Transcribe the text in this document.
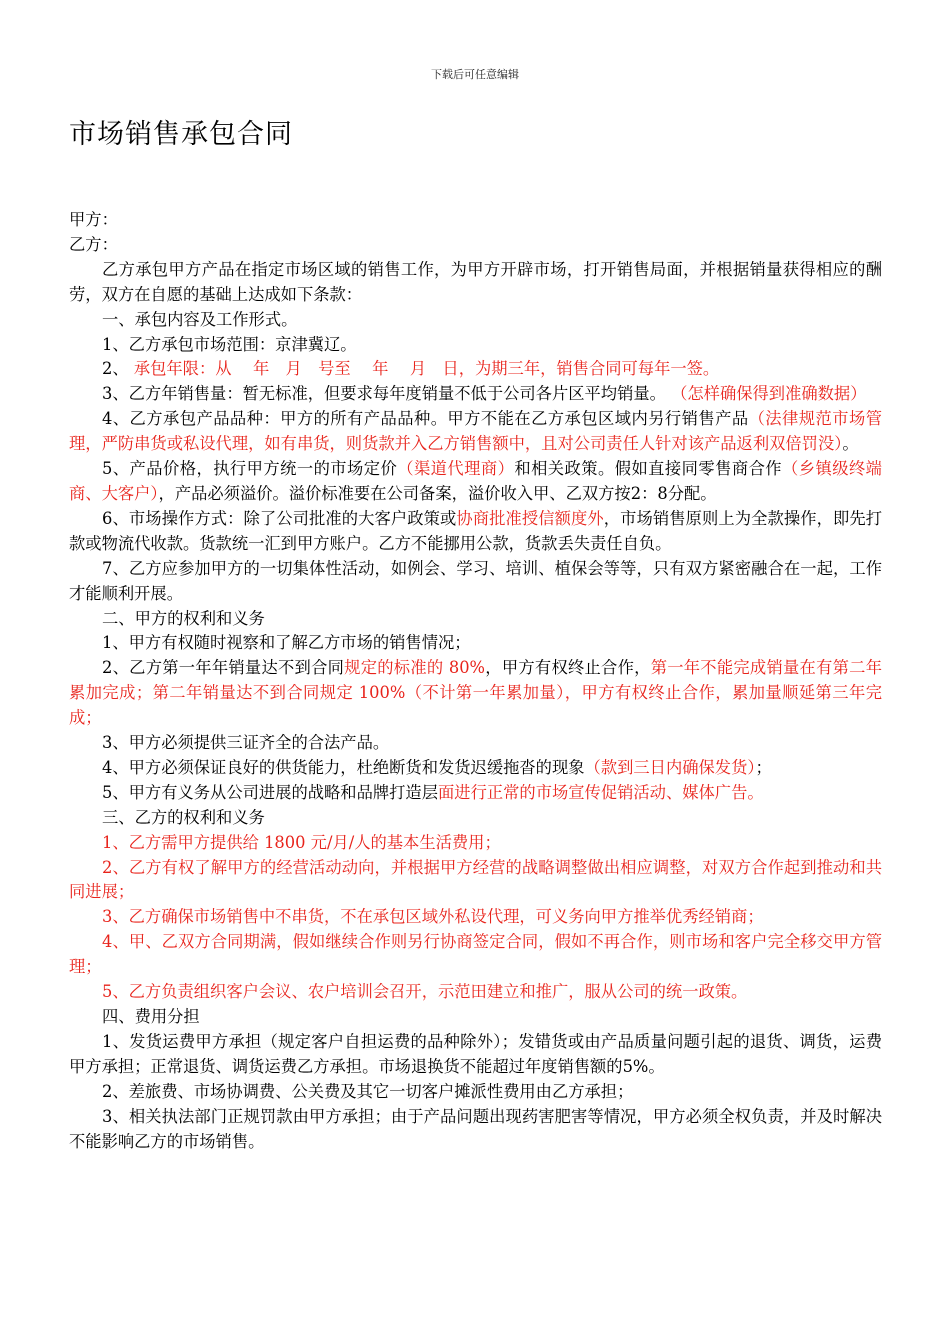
下载后可任意编辑
市场销售承包合同

甲方：

乙方：

乙方承包甲方产品在指定市场区域的销售工作，为甲方开辟市场，打开销售局面，并根据销量获得相应的酬劳，双方在自愿的基础上达成如下条款：

一、承包内容及工作形式。

1、乙方承包市场范围：京津冀辽。

2、 承包年限：从　 年　月　号至　 年　 月　日，为期三年，销售合同可每年一签。

3、乙方年销售量：暂无标准，但要求每年度销量不低于公司各片区平均销量。 （怎样确保得到准确数据）

4、乙方承包产品品种：甲方的所有产品品种。甲方不能在乙方承包区域内另行销售产品（法律规范市场管理，严防串货或私设代理，如有串货，则货款并入乙方销售额中，且对公司责任人针对该产品返利双倍罚没）。

5、产品价格，执行甲方统一的市场定价（渠道代理商）和相关政策。假如直接同零售商合作（乡镇级终端商、大客户），产品必须溢价。溢价标准要在公司备案，溢价收入甲、乙双方按2：8分配。

6、市场操作方式：除了公司批准的大客户政策或协商批准授信额度外，市场销售原则上为全款操作，即先打款或物流代收款。货款统一汇到甲方账户。乙方不能挪用公款，货款丢失责任自负。

7、乙方应参加甲方的一切集体性活动，如例会、学习、培训、植保会等等，只有双方紧密融合在一起，工作才能顺利开展。

二、甲方的权利和义务

1、甲方有权随时视察和了解乙方市场的销售情况；

2、乙方第一年年销量达不到合同规定的标准的 80%，甲方有权终止合作，第一年不能完成销量在有第二年累加完成；第二年销量达不到合同规定 100%（不计第一年累加量），甲方有权终止合作，累加量顺延第三年完成；

3、甲方必须提供三证齐全的合法产品。

4、甲方必须保证良好的供货能力，杜绝断货和发货迟缓拖沓的现象（款到三日内确保发货）；

5、甲方有义务从公司进展的战略和品牌打造层面进行正常的市场宣传促销活动、媒体广告。

三、乙方的权利和义务

1、乙方需甲方提供给 1800 元/月/人的基本生活费用；

2、乙方有权了解甲方的经营活动动向，并根据甲方经营的战略调整做出相应调整，对双方合作起到推动和共同进展；

3、乙方确保市场销售中不串货，不在承包区域外私设代理，可义务向甲方推举优秀经销商；

4、甲、乙双方合同期满，假如继续合作则另行协商签定合同，假如不再合作，则市场和客户完全移交甲方管理；

5、乙方负责组织客户会议、农户培训会召开，示范田建立和推广，服从公司的统一政策。

四、费用分担

1、发货运费甲方承担（规定客户自担运费的品种除外）；发错货或由产品质量问题引起的退货、调货，运费甲方承担；正常退货、调货运费乙方承担。市场退换货不能超过年度销售额的5%。

2、差旅费、市场协调费、公关费及其它一切客户摊派性费用由乙方承担；

3、相关执法部门正规罚款由甲方承担；由于产品问题出现药害肥害等情况，甲方必须全权负责，并及时解决不能影响乙方的市场销售。
